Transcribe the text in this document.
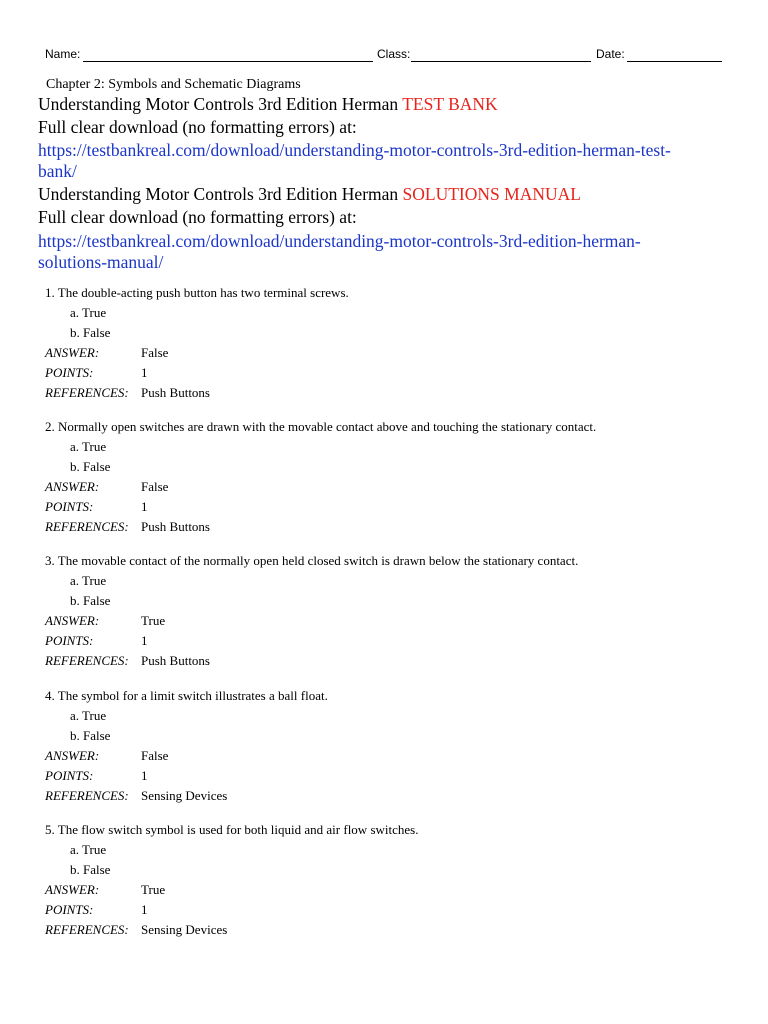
Name:	Class:	Date:
Chapter 2: Symbols and Schematic Diagrams
Understanding Motor Controls 3rd Edition Herman TEST BANK
Full clear download (no formatting errors) at:
https://testbankreal.com/download/understanding-motor-controls-3rd-edition-herman-test-
bank/
Understanding Motor Controls 3rd Edition Herman SOLUTIONS MANUAL
Full clear download (no formatting errors) at:
https://testbankreal.com/download/understanding-motor-controls-3rd-edition-herman-
solutions-manual/
1. The double-acting push button has two terminal screws.
a. True
b. False
ANSWER:	False
POINTS:	1
REFERENCES: Push Buttons
2. Normally open switches are drawn with the movable contact above and touching the stationary contact.
a. True
b. False
ANSWER:	False
POINTS:	1
REFERENCES: Push Buttons
3. The movable contact of the normally open held closed switch is drawn below the stationary contact.
a. True
b. False
ANSWER:	True
POINTS:	1
REFERENCES: Push Buttons
4. The symbol for a limit switch illustrates a ball float.
a. True
b. False
ANSWER:	False
POINTS:	1
REFERENCES: Sensing Devices
5. The flow switch symbol is used for both liquid and air flow switches.
a. True
b. False
ANSWER:	True
POINTS:	1
REFERENCES: Sensing Devices
